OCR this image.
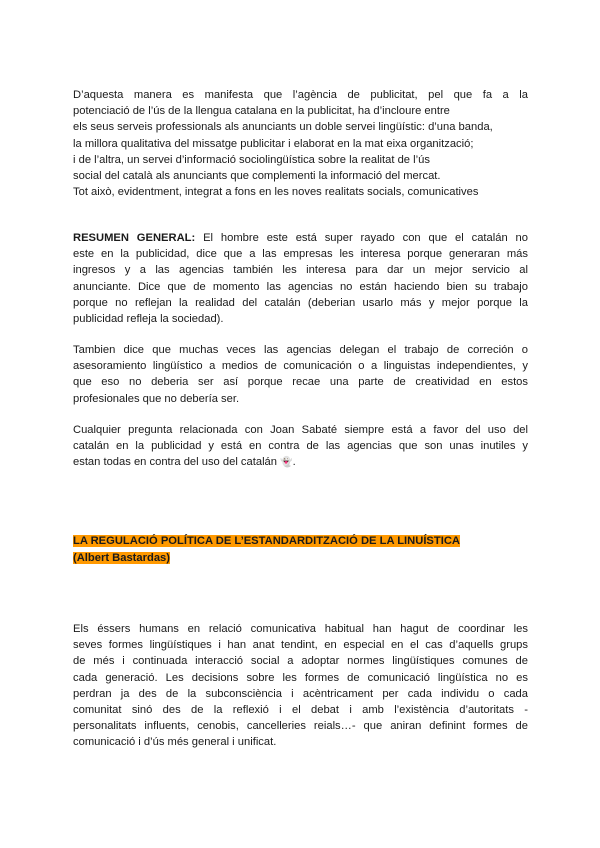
D’aquesta manera es manifesta que l’agència de publicitat, pel que fa a la
potenciació de l’ús de la llengua catalana en la publicitat, ha d’incloure entre
els seus serveis professionals als anunciants un doble servei lingüístic: d’una banda,
la millora qualitativa del missatge publicitar i elaborat en la mat eixa organització;
i de l’altra, un servei d’informació sociolingüística sobre la realitat de l’ús
social del català als anunciants que complementi la informació del mercat.
Tot això, evidentment, integrat a fons en les noves realitats socials, comunicatives
RESUMEN GENERAL: El hombre este está super rayado con que el catalán no
este en la publicidad, dice que a las empresas les interesa porque generaran más
ingresos y a las agencias también les interesa para dar un mejor servicio al
anunciante. Dice que de momento las agencias no están haciendo bien su trabajo
porque no reflejan la realidad del catalán (deberian usarlo más y mejor porque la
publicidad refleja la sociedad).
Tambien dice que muchas veces las agencias delegan el trabajo de correción o
asesoramiento lingüístico a medios de comunicación o a linguistas independientes, y
que eso no deberia ser así porque recae una parte de creatividad en estos
profesionales que no debería ser.
Cualquier pregunta relacionada con Joan Sabaté siempre está a favor del uso del
catalán en la publicidad y está en contra de las agencias que son unas inutiles y
estan todas en contra del uso del catalán 👻.
LA REGULACIÓ POLÍTICA DE L’ESTANDARDITZACIÓ DE LA LINUÍSTICA
(Albert Bastardas)
Els éssers humans en relació comunicativa habitual han hagut de coordinar les
seves formes lingüístiques i han anat tendint, en especial en el cas d’aquells grups
de més i continuada interacció social a adoptar normes lingüístiques comunes de
cada generació. Les decisions sobre les formes de comunicació lingüística no es
perdran ja des de la subconsciència i acèntricament per cada individu o cada
comunitat sinó des de la reflexió i el debat i amb l’existència d’autoritats -
personalitats influents, cenobis, cancelleries reials…- que aniran definint formes de
comunicació i d’ús més general i unificat.
